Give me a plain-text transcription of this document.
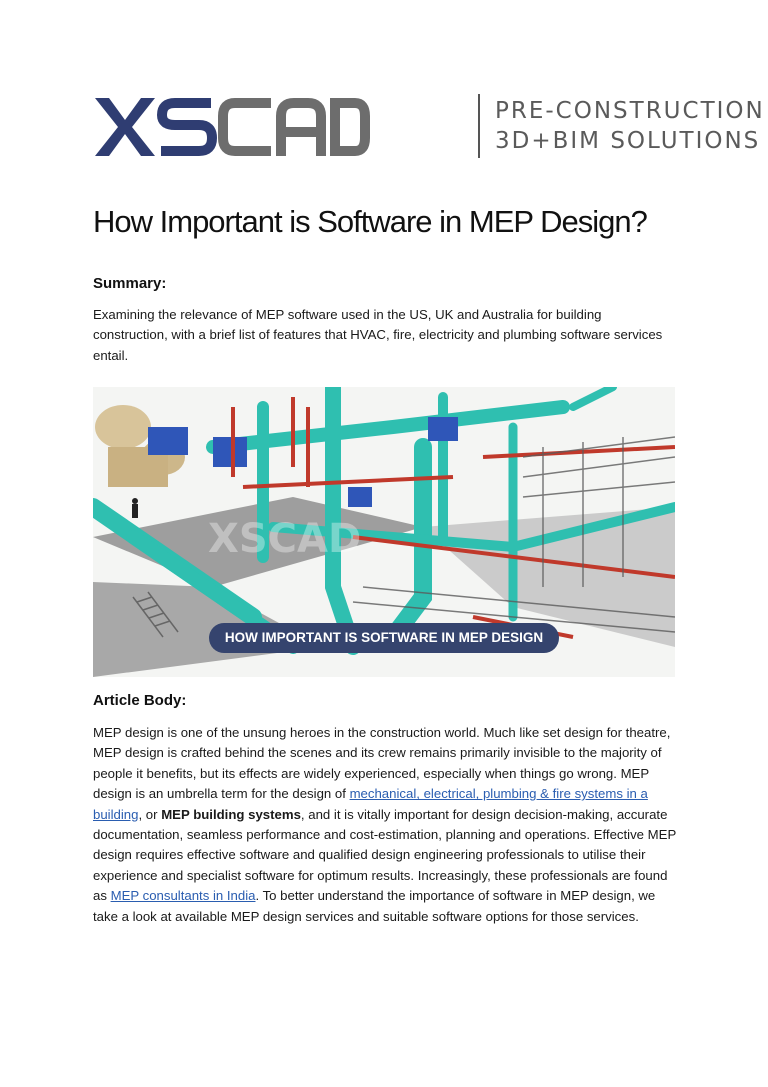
PRE-CONSTRUCTION
3D+BIM SOLUTIONS
How Important is Software in MEP Design?
Summary:
Examining the relevance of MEP software used in the US, UK and Australia for building construction, with a brief list of features that HVAC, fire, electricity and plumbing software services entail.
XSCAD
HOW IMPORTANT IS SOFTWARE IN MEP DESIGN
Article Body:
MEP design is one of the unsung heroes in the construction world. Much like set design for theatre, MEP design is crafted behind the scenes and its crew remains primarily invisible to the majority of people it benefits, but its effects are widely experienced, especially when things go wrong. MEP design is an umbrella term for the design of mechanical, electrical, plumbing & fire systems in a building, or MEP building systems, and it is vitally important for design decision-making, accurate documentation, seamless performance and cost-estimation, planning and operations. Effective MEP design requires effective software and qualified design engineering professionals to utilise their experience and specialist software for optimum results. Increasingly, these professionals are found as MEP consultants in India. To better understand the importance of software in MEP design, we take a look at available MEP design services and suitable software options for those services.
